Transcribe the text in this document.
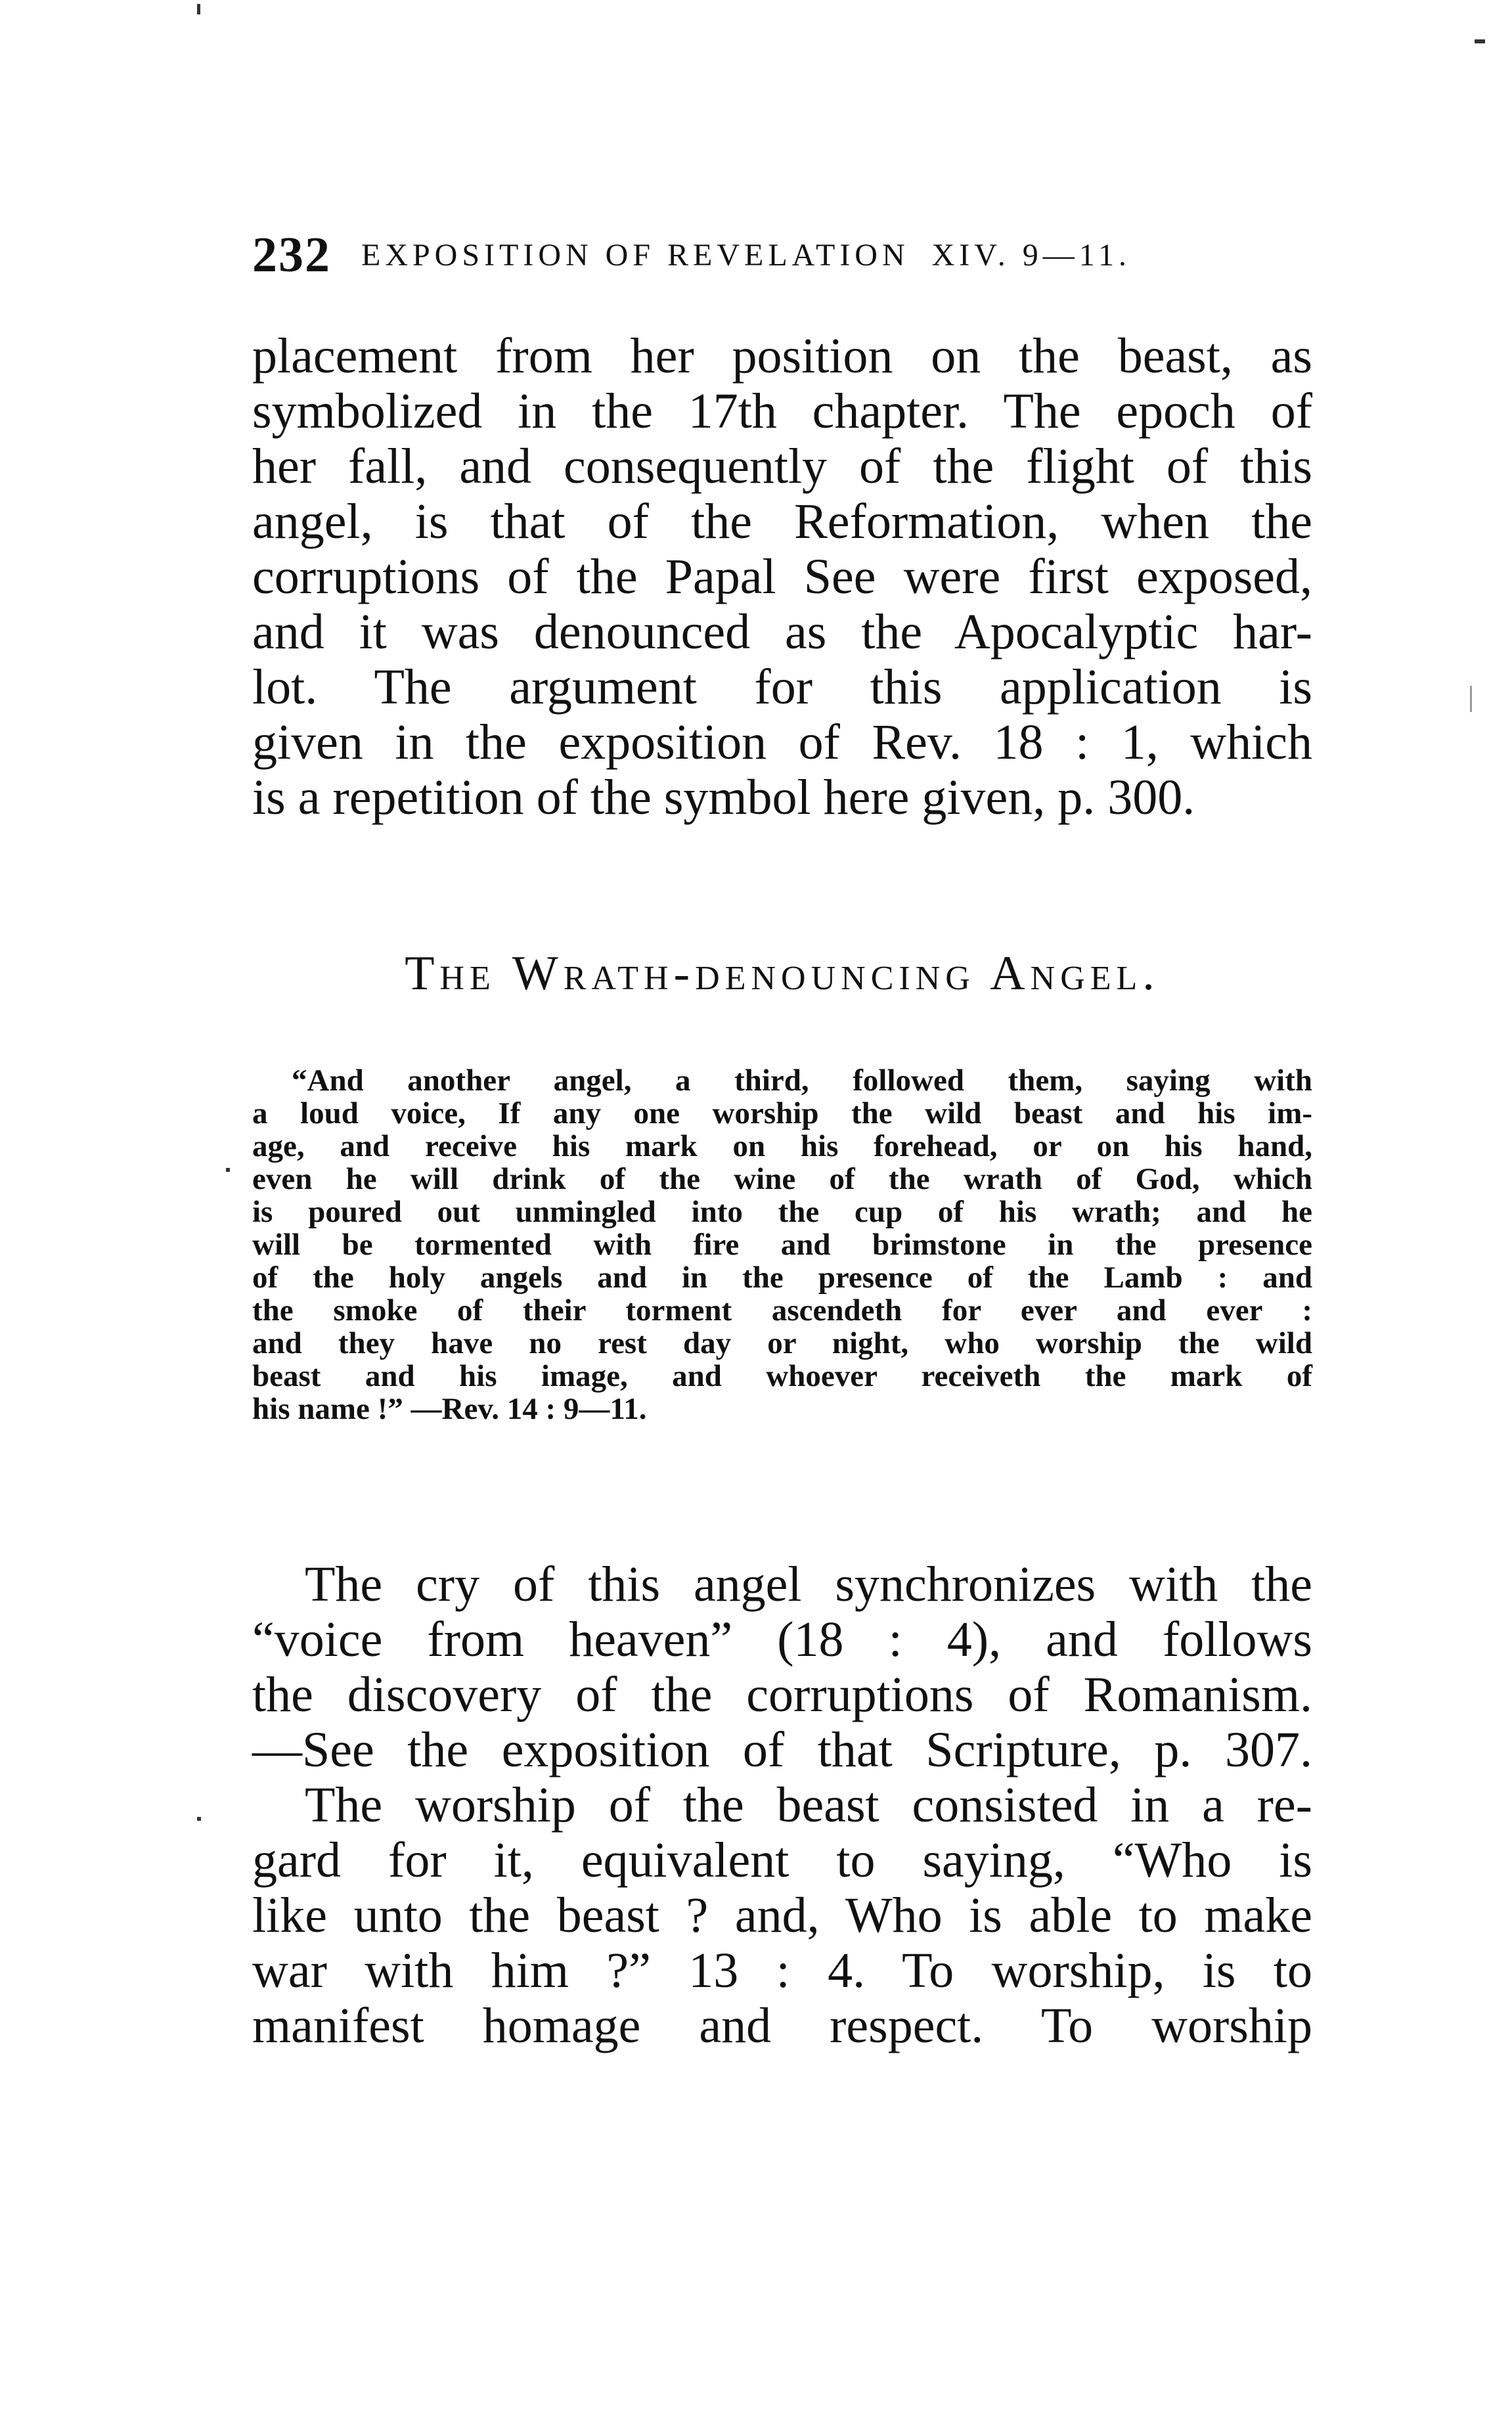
232 EXPOSITION OF REVELATION XIV. 9—11.
placement from her position on the beast, as
symbolized in the 17th chapter. The epoch of
her fall, and consequently of the flight of this
angel, is that of the Reformation, when the
corruptions of the Papal See were first exposed,
and it was denounced as the Apocalyptic har-
lot. The argument for this application is
given in the exposition of Rev. 18 : 1, which
is a repetition of the symbol here given, p. 300.
The Wrath-denouncing Angel.
“And another angel, a third, followed them, saying with
a loud voice, If any one worship the wild beast and his im-
age, and receive his mark on his forehead, or on his hand,
even he will drink of the wine of the wrath of God, which
is poured out unmingled into the cup of his wrath; and he
will be tormented with fire and brimstone in the presence
of the holy angels and in the presence of the Lamb : and
the smoke of their torment ascendeth for ever and ever :
and they have no rest day or night, who worship the wild
beast and his image, and whoever receiveth the mark of
his name !” —Rev. 14 : 9—11.
The cry of this angel synchronizes with the
“voice from heaven” (18 : 4), and follows
the discovery of the corruptions of Romanism.
—See the exposition of that Scripture, p. 307.
The worship of the beast consisted in a re-
gard for it, equivalent to saying, “Who is
like unto the beast ? and, Who is able to make
war with him ?” 13 : 4. To worship, is to
manifest homage and respect. To worship
